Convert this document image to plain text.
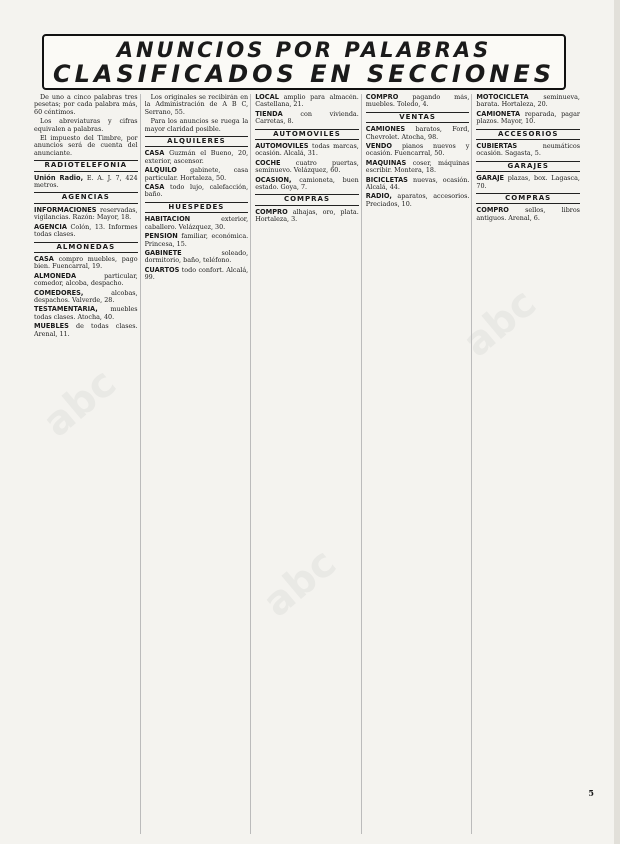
abc
abc
abc
ANUNCIOS POR PALABRAS
CLASIFICADOS EN SECCIONES

De uno a cinco palabras tres pesetas; por cada palabra más, 60 céntimos.

Los abreviaturas y cifras equivalen a palabras.

El impuesto del Timbre, por anuncios será de cuenta del anunciante.

RADIOTELEFONIA

Unión Radio, E. A. J. 7, 424 metros.

AGENCIAS

INFORMACIONES reservadas, vigilancias. Razón: Mayor, 18.

AGENCIA Colón, 13. Informes todas clases.

ALMONEDAS

CASA compro muebles, pago bien. Fuencarral, 19.

ALMONEDA	particular, comedor, alcoba, despacho.

COMEDORES,	alcobas, despachos. Valverde, 28.

TESTAMENTARIA, muebles todas clases. Atocha, 40.

MUEBLES de todas clases. Arenal, 11.

Los originales se recibirán en la Administración de A B C, Serrano, 55.

Para los anuncios se ruega la mayor claridad posible.

ALQUILERES

CASA Guzmán el Bueno, 20, exterior, ascensor.

ALQUILO gabinete, casa particular. Hortaleza, 50.

CASA todo lujo, calefacción, baño.

HUESPEDES

HABITACION	exterior, caballero. Velázquez, 30.

PENSION familiar, económica. Princesa, 15.

GABINETE	soleado, dormitorio, baño, teléfono.

CUARTOS todo confort. Alcalá, 99.

LOCAL amplio para almacén. Castellana, 21.

TIENDA	con vivienda. Carretas, 8.

AUTOMOVILES

AUTOMOVILES todas marcas, ocasión. Alcalá, 31.

COCHE cuatro puertas, seminuevo. Velázquez, 60.

OCASION, camioneta, buen estado. Goya, 7.

COMPRAS

COMPRO alhajas, oro, plata. Hortaleza, 3.

COMPRO pagando más, muebles. Toledo, 4.

VENTAS

CAMIONES baratos, Ford, Chevrolet. Atocha, 98.

VENDO pianos nuevos y ocasión. Fuencarral, 50.

MAQUINAS coser, máquinas escribir. Montera, 18.

BICICLETAS nuevas, ocasión. Alcalá, 44.

RADIO, aparatos, accesorios. Preciados, 10.

MOTOCICLETA seminueva, barata. Hortaleza, 20.

CAMIONETA reparada, pagar plazos. Mayor, 10.

ACCESORIOS

CUBIERTAS	neumáticos ocasión. Sagasta, 5.

GARAJES

GARAJE plazas, box. Lagasca, 70.

COMPRAS

COMPRO	sellos, libros antiguos. Arenal, 6.

5
